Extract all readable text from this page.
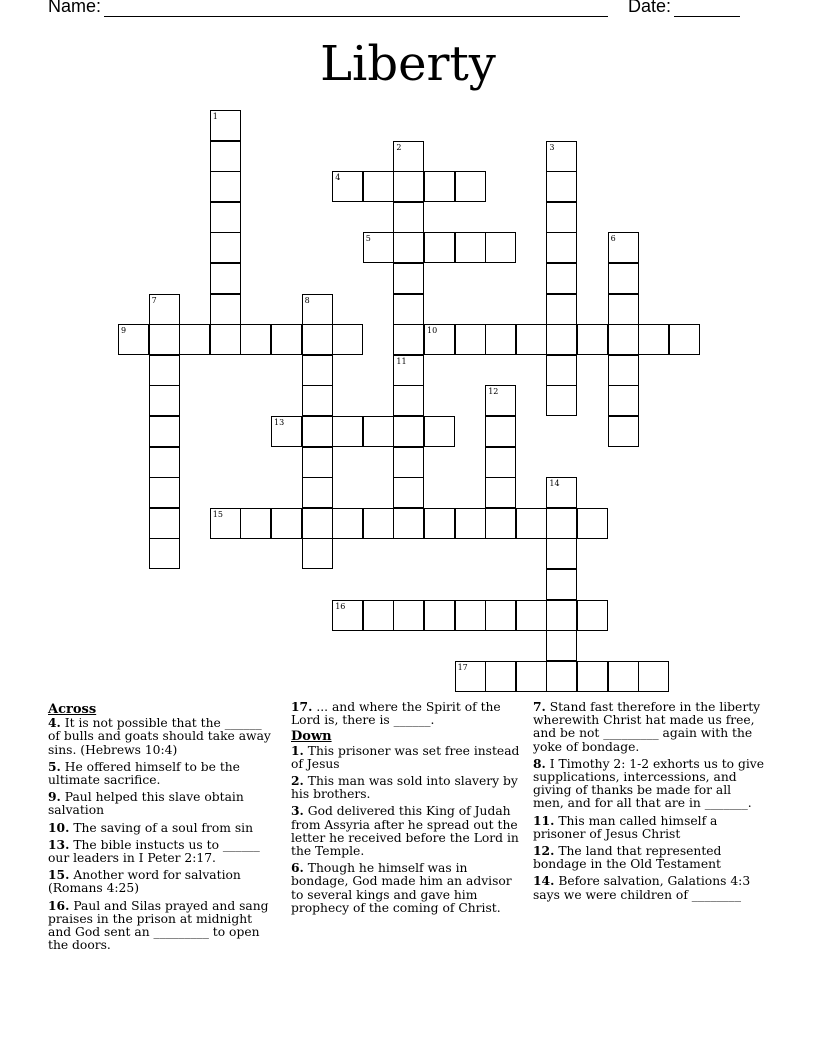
Name:	Date:
Liberty
4
5
9	10
13
15
16
17
1
2
11
3
6
7	8
12
14
Across
4. It is not possible that the ______ of bulls and goats should take away sins. (Hebrews 10:4)
5. He offered himself to be the ultimate sacrifice.
9. Paul helped this slave obtain salvation
10. The saving of a soul from sin
13. The bible instucts us to ______ our leaders in I Peter 2:17.
15. Another word for salvation (Romans 4:25)
16. Paul and Silas prayed and sang praises in the prison at midnight and God sent an _________ to open the doors.
17. ... and where the Spirit of the Lord is, there is ______.
Down
1. This prisoner was set free instead of Jesus
2. This man was sold into slavery by his brothers.
3. God delivered this King of Judah from Assyria after he spread out the letter he received before the Lord in the Temple.
6. Though he himself was in bondage, God made him an advisor to several kings and gave him prophecy of the coming of Christ.
7. Stand fast therefore in the liberty wherewith Christ hat made us free, and be not _________ again with the yoke of bondage.
8. I Timothy 2: 1-2 exhorts us to give supplications, intercessions, and giving of thanks be made for all men, and for all that are in _______.
11. This man called himself a prisoner of Jesus Christ
12. The land that represented bondage in the Old Testament
14. Before salvation, Galations 4:3 says we were children of ________
